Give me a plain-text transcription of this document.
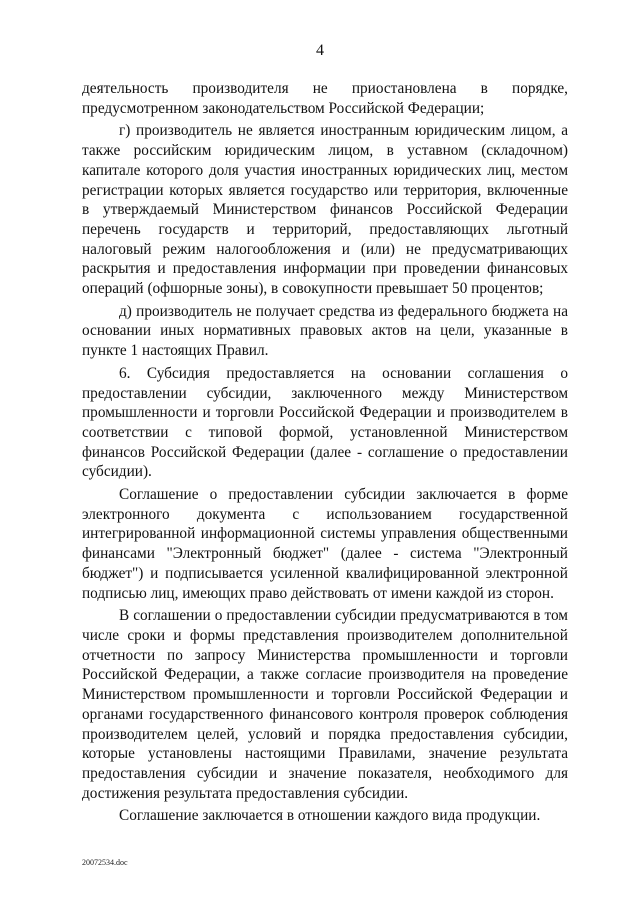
4

деятельность производителя не приостановлена в порядке, предусмотренном законодательством Российской Федерации;

г) производитель не является иностранным юридическим лицом, а также российским юридическим лицом, в уставном (складочном) капитале которого доля участия иностранных юридических лиц, местом регистрации которых является государство или территория, включенные в утверждаемый Министерством финансов Российской Федерации перечень государств и территорий, предоставляющих льготный налоговый режим налогообложения и (или) не предусматривающих раскрытия и предоставления информации при проведении финансовых операций (офшорные зоны), в совокупности превышает 50 процентов;

д) производитель не получает средства из федерального бюджета на основании иных нормативных правовых актов на цели, указанные в пункте 1 настоящих Правил.

6. Субсидия предоставляется на основании соглашения о предоставлении субсидии, заключенного между Министерством промышленности и торговли Российской Федерации и производителем в соответствии с типовой формой, установленной Министерством финансов Российской Федерации (далее - соглашение о предоставлении субсидии).

Соглашение о предоставлении субсидии заключается в форме электронного документа с использованием государственной интегрированной информационной системы управления общественными финансами "Электронный бюджет" (далее - система "Электронный бюджет") и подписывается усиленной квалифицированной электронной подписью лиц, имеющих право действовать от имени каждой из сторон.

В соглашении о предоставлении субсидии предусматриваются в том числе сроки и формы представления производителем дополнительной отчетности по запросу Министерства промышленности и торговли Российской Федерации, а также согласие производителя на проведение Министерством промышленности и торговли Российской Федерации и органами государственного финансового контроля проверок соблюдения производителем целей, условий и порядка предоставления субсидии, которые установлены настоящими Правилами, значение результата предоставления субсидии и значение показателя, необходимого для достижения результата предоставления субсидии.

Соглашение заключается в отношении каждого вида продукции.

20072534.doc
